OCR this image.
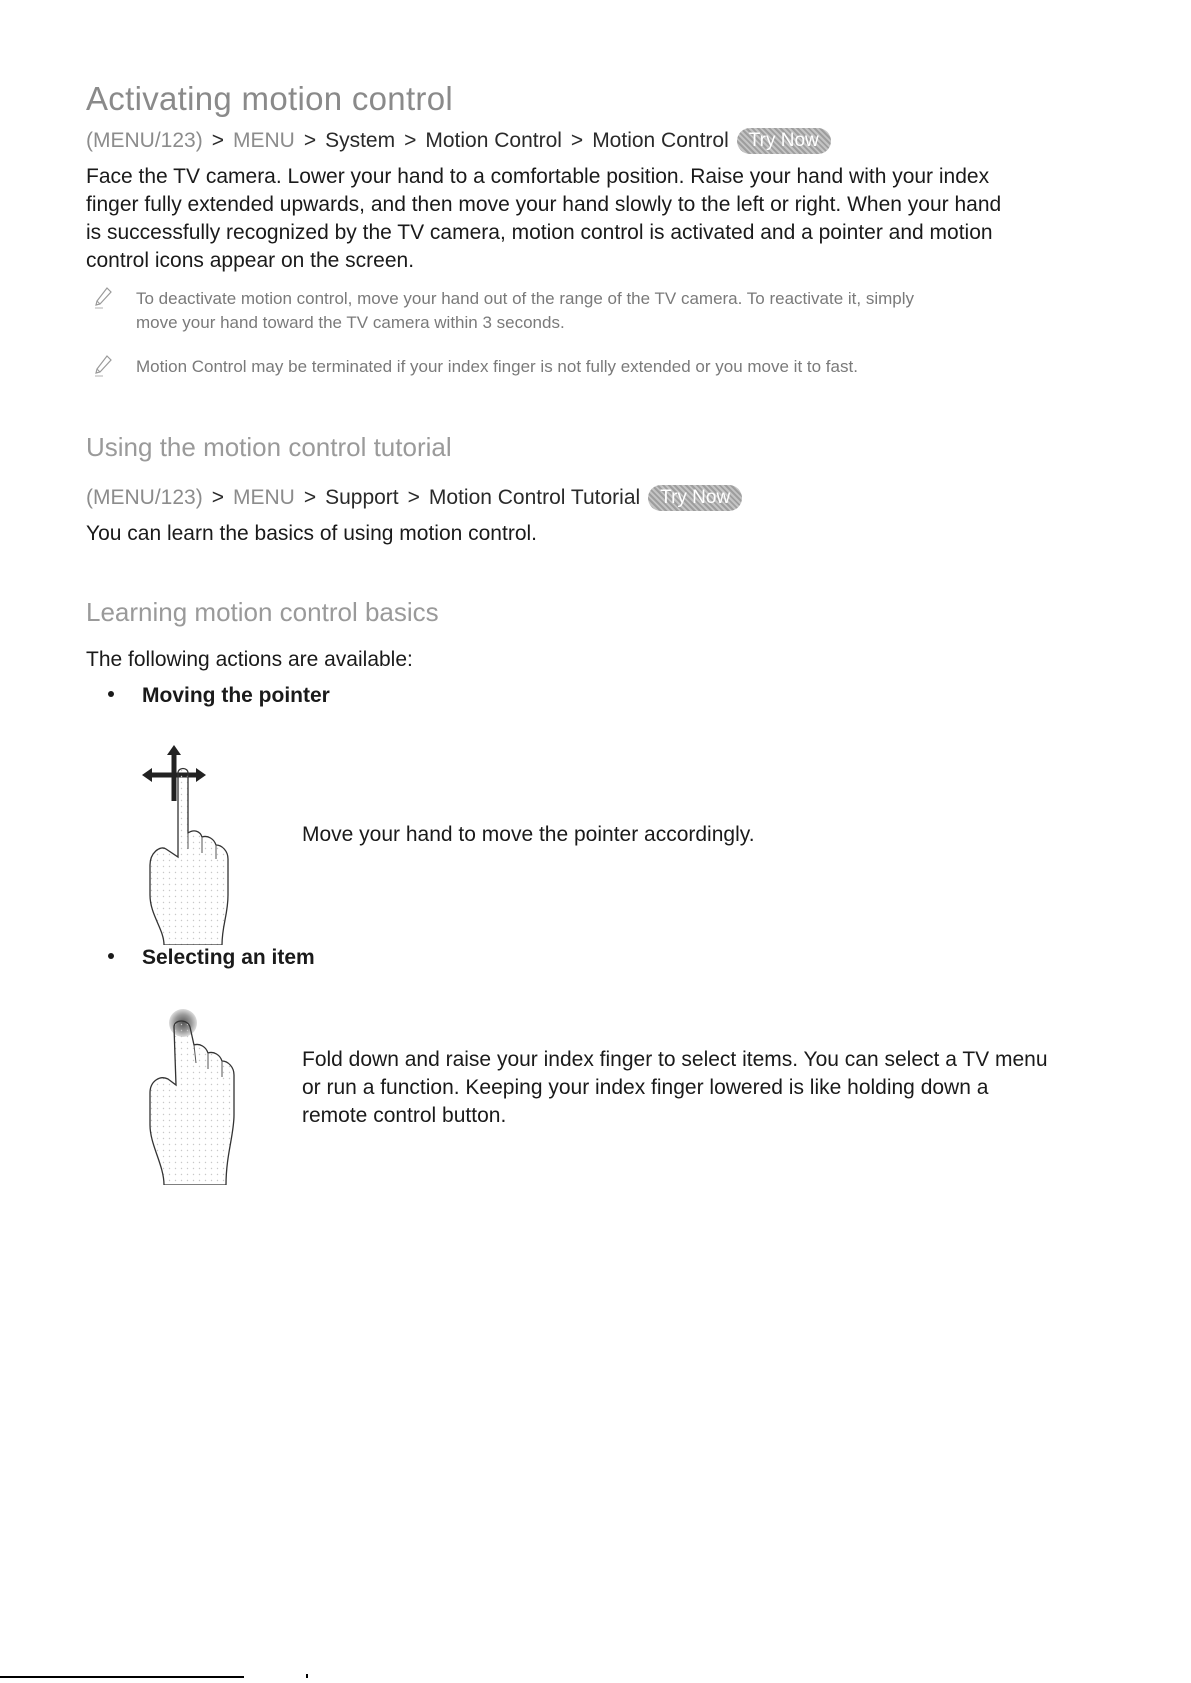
Activating motion control
(MENU/123) > MENU > System > Motion Control > Motion Control	Try Now

Face the TV camera. Lower your hand to a comfortable position. Raise your hand with your index
finger fully extended upwards, and then move your hand slowly to the left or right. When your hand
is successfully recognized by the TV camera, motion control is activated and a pointer and motion
control icons appear on the screen.

To deactivate motion control, move your hand out of the range of the TV camera. To reactivate it, simply
move your hand toward the TV camera within 3 seconds.
Motion Control may be terminated if your index finger is not fully extended or you move it to fast.
Using the motion control tutorial
(MENU/123) > MENU > Support > Motion Control Tutorial	Try Now

You can learn the basics of using motion control.

Learning motion control basics

The following actions are available:

Moving the pointer

Move your hand to move the pointer accordingly.

Selecting an item

Fold down and raise your index finger to select items. You can select a TV menu
or run a function. Keeping your index finger lowered is like holding down a
remote control button.
